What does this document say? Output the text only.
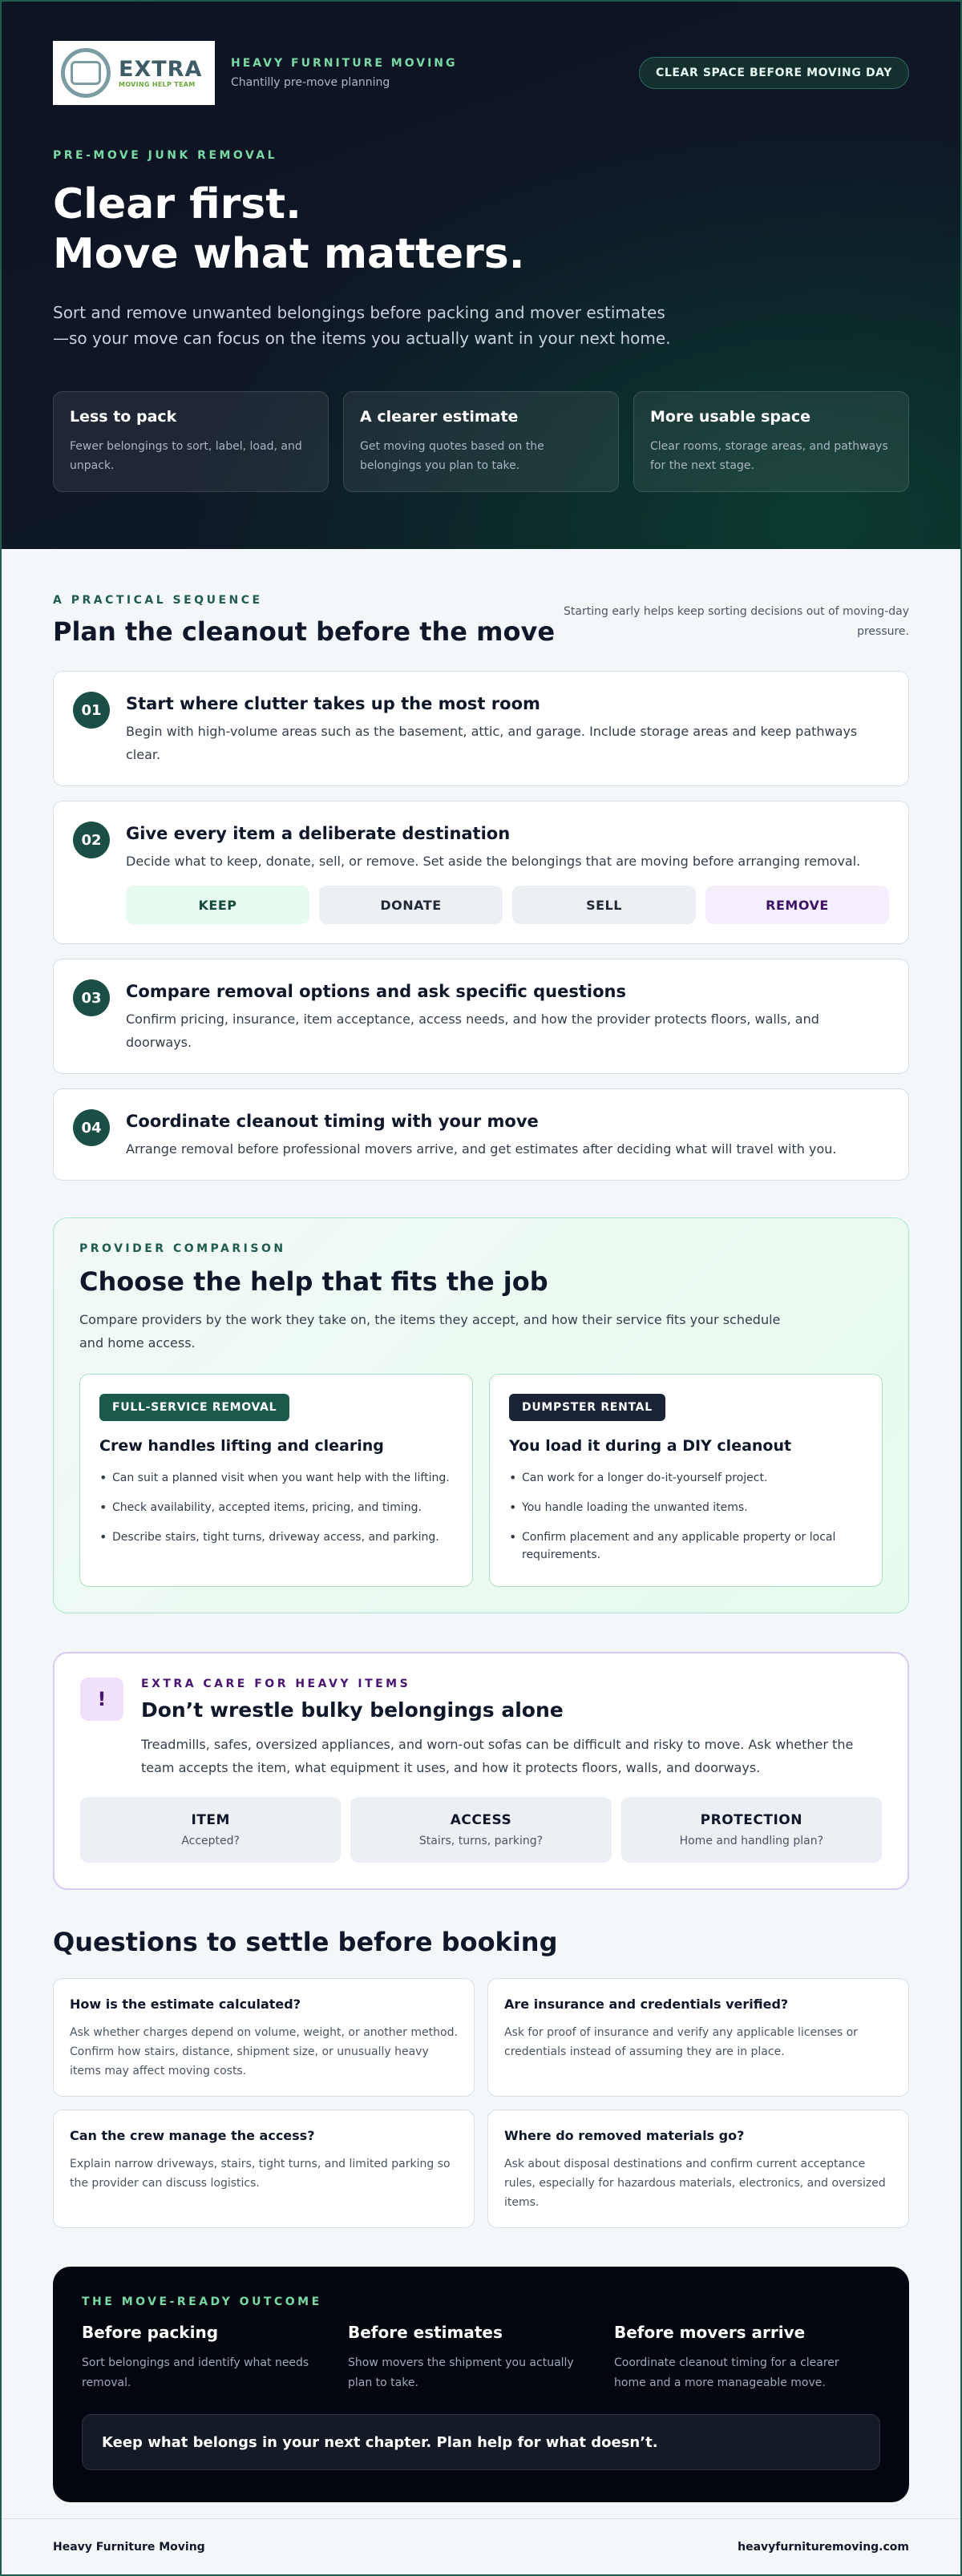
EXTRA
MOVING HELP TEAM
HEAVY FURNITURE MOVING
Chantilly pre-move planning
CLEAR SPACE BEFORE MOVING DAY
PRE-MOVE JUNK REMOVAL
Clear first.
Move what matters.

Sort and remove unwanted belongings before packing and mover estimates—so your move can focus on the items you actually want in your next home.

Less to pack

Fewer belongings to sort, label, load, and unpack.

A clearer estimate

Get moving quotes based on the belongings you plan to take.

More usable space

Clear rooms, storage areas, and pathways for the next stage.

A PRACTICAL SEQUENCE
Plan the cleanout before the move

Starting early helps keep sorting decisions out of moving-day pressure.

01	Start where clutter takes up the most room

Begin with high-volume areas such as the basement, attic, and garage. Include storage areas and keep pathways clear.

02	Give every item a deliberate destination

Decide what to keep, donate, sell, or remove. Set aside the belongings that are moving before arranging removal.

KEEP	DONATE	SELL	REMOVE
03	Compare removal options and ask specific questions

Confirm pricing, insurance, item acceptance, access needs, and how the provider protects floors, walls, and doorways.

04	Coordinate cleanout timing with your move

Arrange removal before professional movers arrive, and get estimates after deciding what will travel with you.

PROVIDER COMPARISON
Choose the help that fits the job

Compare providers by the work they take on, the items they accept, and how their service fits your schedule and home access.

FULL-SERVICE REMOVAL
Crew handles lifting and clearing
• Can suit a planned visit when you want help with the lifting.
• Check availability, accepted items, pricing, and timing.
• Describe stairs, tight turns, driveway access, and parking.
DUMPSTER RENTAL
You load it during a DIY cleanout
• Can work for a longer do-it-yourself project.
• You handle loading the unwanted items.
• Confirm placement and any applicable property or local requirements.
!
EXTRA CARE FOR HEAVY ITEMS
Don’t wrestle bulky belongings alone

Treadmills, safes, oversized appliances, and worn-out sofas can be difficult and risky to move. Ask whether the team accepts the item, what equipment it uses, and how it protects floors, walls, and doorways.

ITEM
Accepted?
ACCESS
Stairs, turns, parking?
PROTECTION
Home and handling plan?
Questions to settle before booking
How is the estimate calculated?

Ask whether charges depend on volume, weight, or another method. Confirm how stairs, distance, shipment size, or unusually heavy items may affect moving costs.

Are insurance and credentials verified?

Ask for proof of insurance and verify any applicable licenses or credentials instead of assuming they are in place.

Can the crew manage the access?

Explain narrow driveways, stairs, tight turns, and limited parking so the provider can discuss logistics.

Where do removed materials go?

Ask about disposal destinations and confirm current acceptance rules, especially for hazardous materials, electronics, and oversized items.

THE MOVE-READY OUTCOME
Before packing

Sort belongings and identify what needs removal.

Before estimates

Show movers the shipment you actually plan to take.

Before movers arrive

Coordinate cleanout timing for a clearer home and a more manageable move.

Keep what belongs in your next chapter. Plan help for what doesn’t.
Heavy Furniture Moving	heavyfurnituremoving.com
